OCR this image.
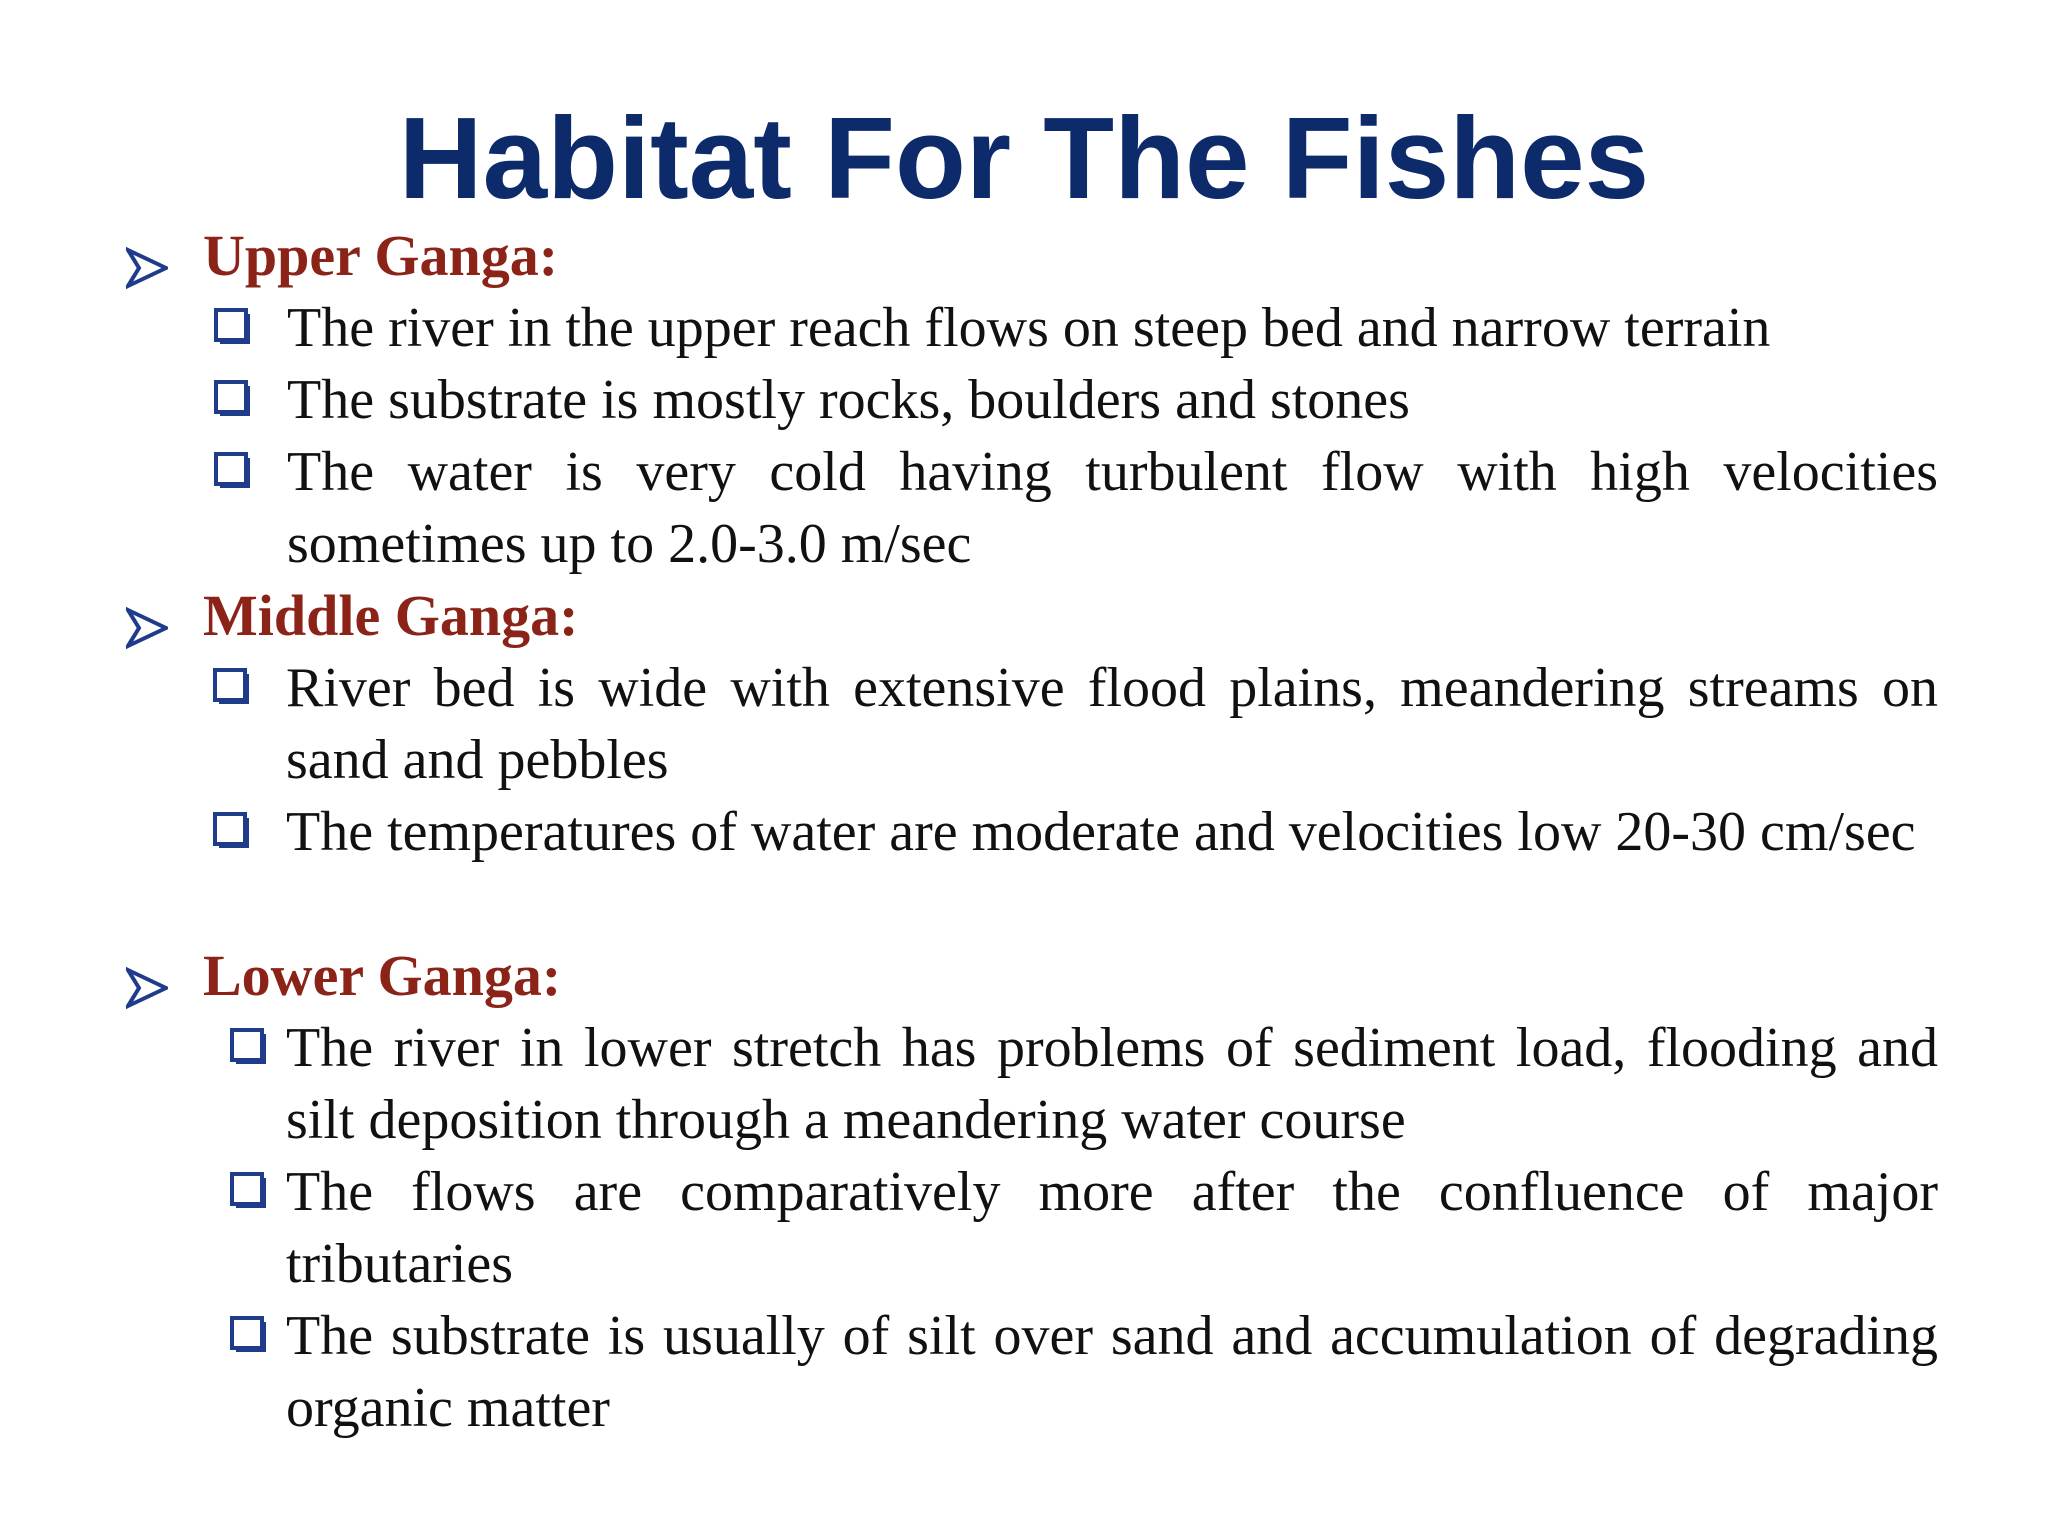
Habitat For The Fishes
Upper Ganga:
The river in the upper reach flows on steep bed and narrow terrain
The substrate is mostly rocks, boulders and stones
The water is very cold having turbulent flow with high velocities sometimes up to 2.0-3.0 m/sec
Middle Ganga:
River bed is wide with extensive flood plains, meandering streams on sand and pebbles
The temperatures of water are moderate and velocities low 20-30 cm/sec
Lower Ganga:
The river in lower stretch has problems of sediment load, flooding and silt deposition through a meandering water course
The flows are comparatively more after the confluence of major tributaries
The substrate is usually of silt over sand and accumulation of degrading organic matter
